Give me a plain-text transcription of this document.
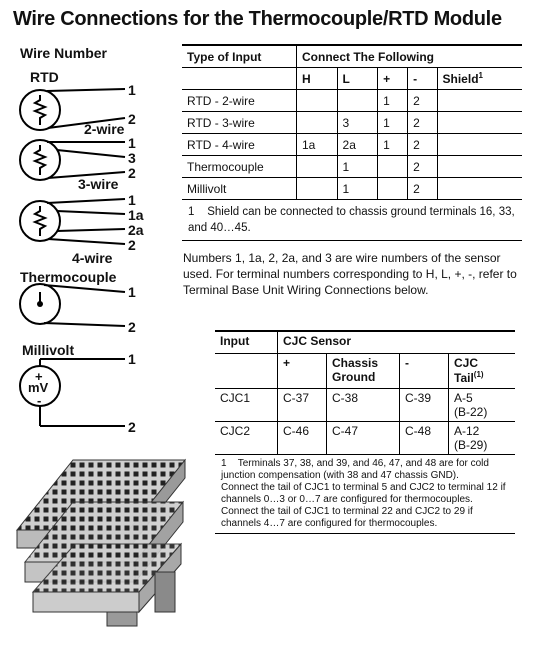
Wire Connections for the Thermocouple/RTD Module
Wire Number
RTD
1
2
2-wire
1
3
2
3-wire
1
1a
2a
2
4-wire
Thermocouple
1
2
Millivolt
1
2
+
mV
-
Type of Input	Connect The Following				
	H	L	+	-	Shield$^1$
RTD - 2-wire			1	2	
RTD - 3-wire		3	1	2	
RTD - 4-wire	1a	2a	1	2	
Thermocouple		1		2	
Millivolt		1		2	
1 Shield can be connected to chassis ground terminals 16, 33, and 40…45.					
Numbers 1, 1a, 2, 2a, and 3 are wire numbers of the sensor used. For terminal numbers corresponding to H, L, +, -, refer to Terminal Base Unit Wiring Connections below.
Input	CJC Sensor			
	+	Chassis Ground	-	CJC Tail$^{(1)}$
CJC1	C-37	C-38	C-39	A-5
(B-22)

CJC2	C-46	C-47	C-48	A-12
(B-29)

1 Terminals 37, 38, and 39, and 46, 47, and 48 are for cold junction compensation (with 38 and 47 chassis GND).
Connect the tail of CJC1 to terminal 5 and CJC2 to terminal 12 if channels 0…3 or 0…7 are configured for thermocouples.
Connect the tail of CJC1 to terminal 22 and CJC2 to 29 if channels 4…7 are configured for thermocouples.				
